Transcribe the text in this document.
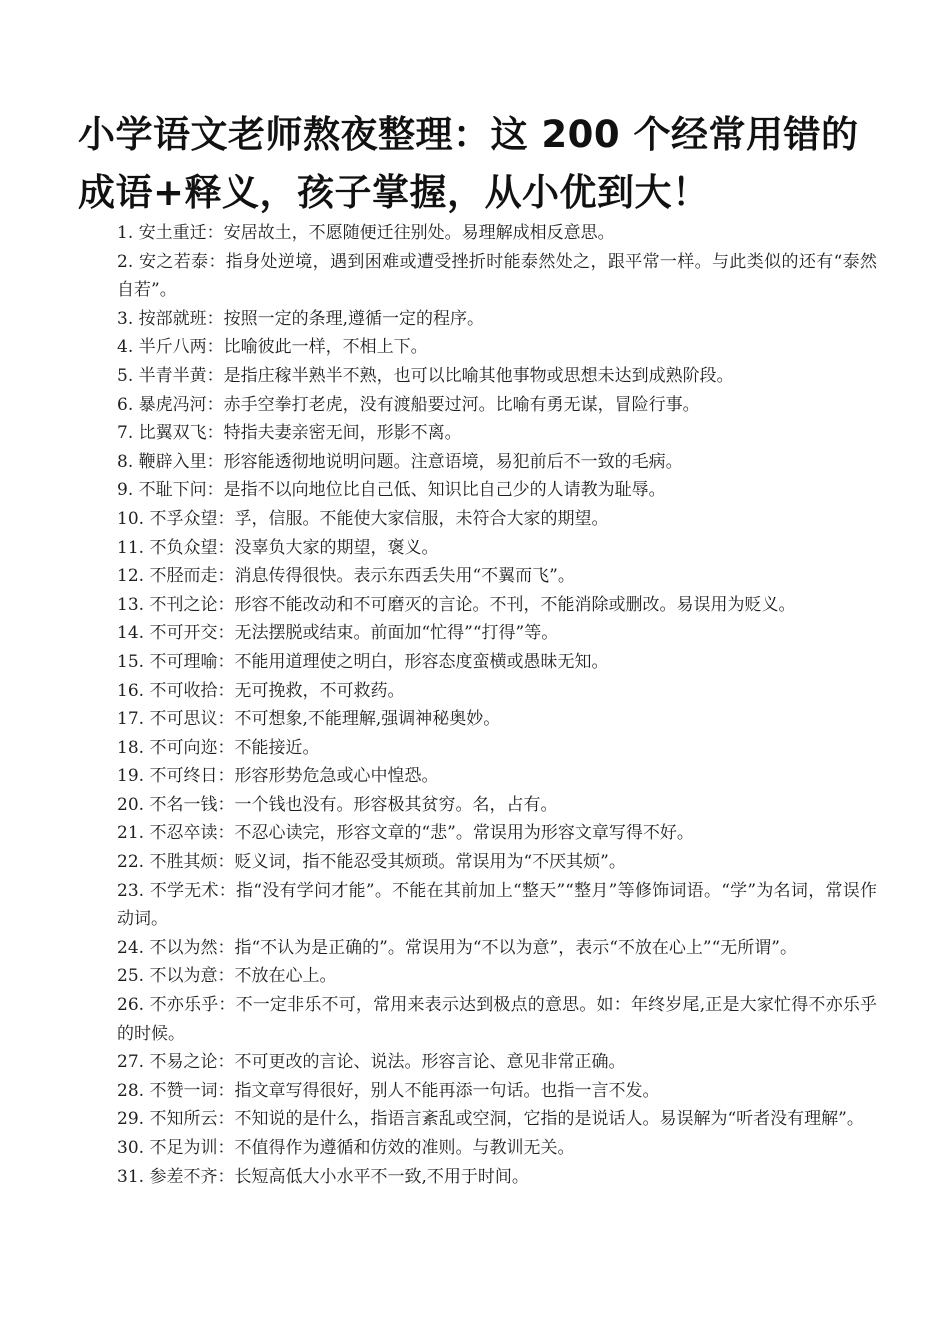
小学语文老师熬夜整理：这 200 个经常用错的
成语+释义，孩子掌握，从小优到大！
1. 安土重迁：安居故土，不愿随便迁往别处。易理解成相反意思。
2. 安之若泰：指身处逆境，遇到困难或遭受挫折时能泰然处之，跟平常一样。与此类似的还有“泰然自若”。
3. 按部就班：按照一定的条理,遵循一定的程序。
4. 半斤八两：比喻彼此一样，不相上下。
5. 半青半黄：是指庄稼半熟半不熟，也可以比喻其他事物或思想未达到成熟阶段。
6. 暴虎冯河：赤手空拳打老虎，没有渡船要过河。比喻有勇无谋，冒险行事。
7. 比翼双飞：特指夫妻亲密无间，形影不离。
8. 鞭辟入里：形容能透彻地说明问题。注意语境，易犯前后不一致的毛病。
9. 不耻下问：是指不以向地位比自己低、知识比自己少的人请教为耻辱。
10. 不孚众望：孚，信服。不能使大家信服，未符合大家的期望。
11. 不负众望：没辜负大家的期望，褒义。
12. 不胫而走：消息传得很快。表示东西丢失用“不翼而飞”。
13. 不刊之论：形容不能改动和不可磨灭的言论。不刊，不能消除或删改。易误用为贬义。
14. 不可开交：无法摆脱或结束。前面加“忙得”“打得”等。
15. 不可理喻：不能用道理使之明白，形容态度蛮横或愚昧无知。
16. 不可收拾：无可挽救，不可救药。
17. 不可思议：不可想象,不能理解,强调神秘奥妙。
18. 不可向迩：不能接近。
19. 不可终日：形容形势危急或心中惶恐。
20. 不名一钱：一个钱也没有。形容极其贫穷。名，占有。
21. 不忍卒读：不忍心读完，形容文章的“悲”。常误用为形容文章写得不好。
22. 不胜其烦：贬义词，指不能忍受其烦琐。常误用为“不厌其烦”。
23. 不学无术：指“没有学问才能”。不能在其前加上“整天”“整月”等修饰词语。“学”为名词，常误作动词。
24. 不以为然：指“不认为是正确的”。常误用为“不以为意”，表示“不放在心上”“无所谓”。
25. 不以为意：不放在心上。
26. 不亦乐乎：不一定非乐不可，常用来表示达到极点的意思。如：年终岁尾,正是大家忙得不亦乐乎的时候。
27. 不易之论：不可更改的言论、说法。形容言论、意见非常正确。
28. 不赞一词：指文章写得很好，别人不能再添一句话。也指一言不发。
29. 不知所云：不知说的是什么，指语言紊乱或空洞，它指的是说话人。易误解为“听者没有理解”。
30. 不足为训：不值得作为遵循和仿效的准则。与教训无关。
31. 参差不齐：长短高低大小水平不一致,不用于时间。
